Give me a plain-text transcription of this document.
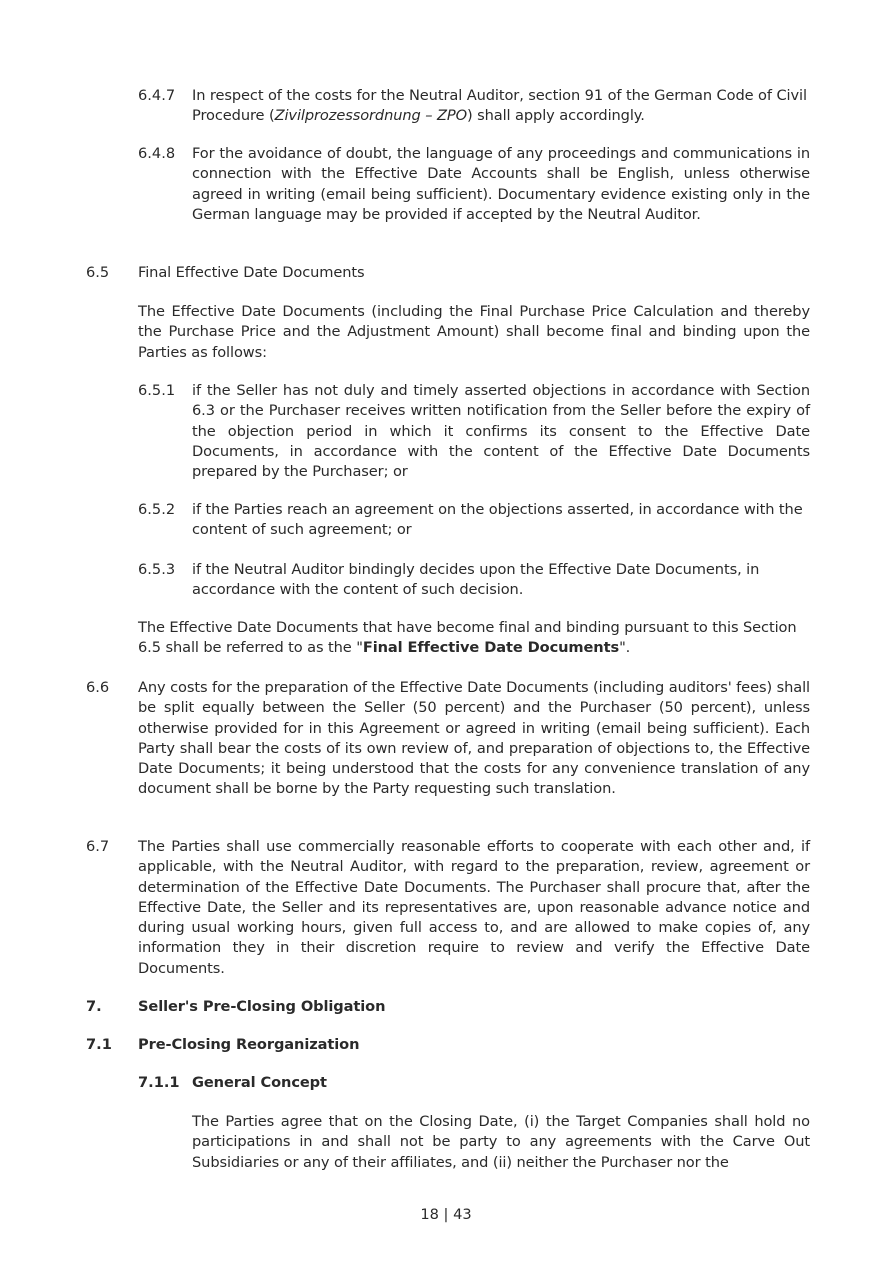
6.4.7 In respect of the costs for the Neutral Auditor, section 91 of the German Code of Civil Procedure (Zivilprozessordnung – ZPO) shall apply accordingly.
6.4.8 For the avoidance of doubt, the language of any proceedings and communications in connection with the Effective Date Accounts shall be English, unless otherwise agreed in writing (email being sufficient). Documentary evidence existing only in the German language may be provided if accepted by the Neutral Auditor.
6.5 Final Effective Date Documents
The Effective Date Documents (including the Final Purchase Price Calculation and thereby the Purchase Price and the Adjustment Amount) shall become final and binding upon the Parties as follows:
6.5.1 if the Seller has not duly and timely asserted objections in accordance with Section 6.3 or the Purchaser receives written notification from the Seller before the expiry of the objection period in which it confirms its consent to the Effective Date Documents, in accordance with the content of the Effective Date Documents prepared by the Purchaser; or
6.5.2 if the Parties reach an agreement on the objections asserted, in accordance with the content of such agreement; or
6.5.3 if the Neutral Auditor bindingly decides upon the Effective Date Documents, in accordance with the content of such decision.
The Effective Date Documents that have become final and binding pursuant to this Section 6.5 shall be referred to as the "Final Effective Date Documents".
6.6 Any costs for the preparation of the Effective Date Documents (including auditors' fees) shall be split equally between the Seller (50 percent) and the Purchaser (50 percent), unless otherwise provided for in this Agreement or agreed in writing (email being sufficient). Each Party shall bear the costs of its own review of, and preparation of objections to, the Effective Date Documents; it being understood that the costs for any convenience translation of any document shall be borne by the Party requesting such translation.
6.7 The Parties shall use commercially reasonable efforts to cooperate with each other and, if applicable, with the Neutral Auditor, with regard to the preparation, review, agreement or determination of the Effective Date Documents. The Purchaser shall procure that, after the Effective Date, the Seller and its representatives are, upon reasonable advance notice and during usual working hours, given full access to, and are allowed to make copies of, any information they in their discretion require to review and verify the Effective Date Documents.
7. Seller's Pre-Closing Obligation
7.1 Pre-Closing Reorganization
7.1.1 General Concept
The Parties agree that on the Closing Date, (i) the Target Companies shall hold no participations in and shall not be party to any agreements with the Carve Out Subsidiaries or any of their affiliates, and (ii) neither the Purchaser nor the
18 | 43
